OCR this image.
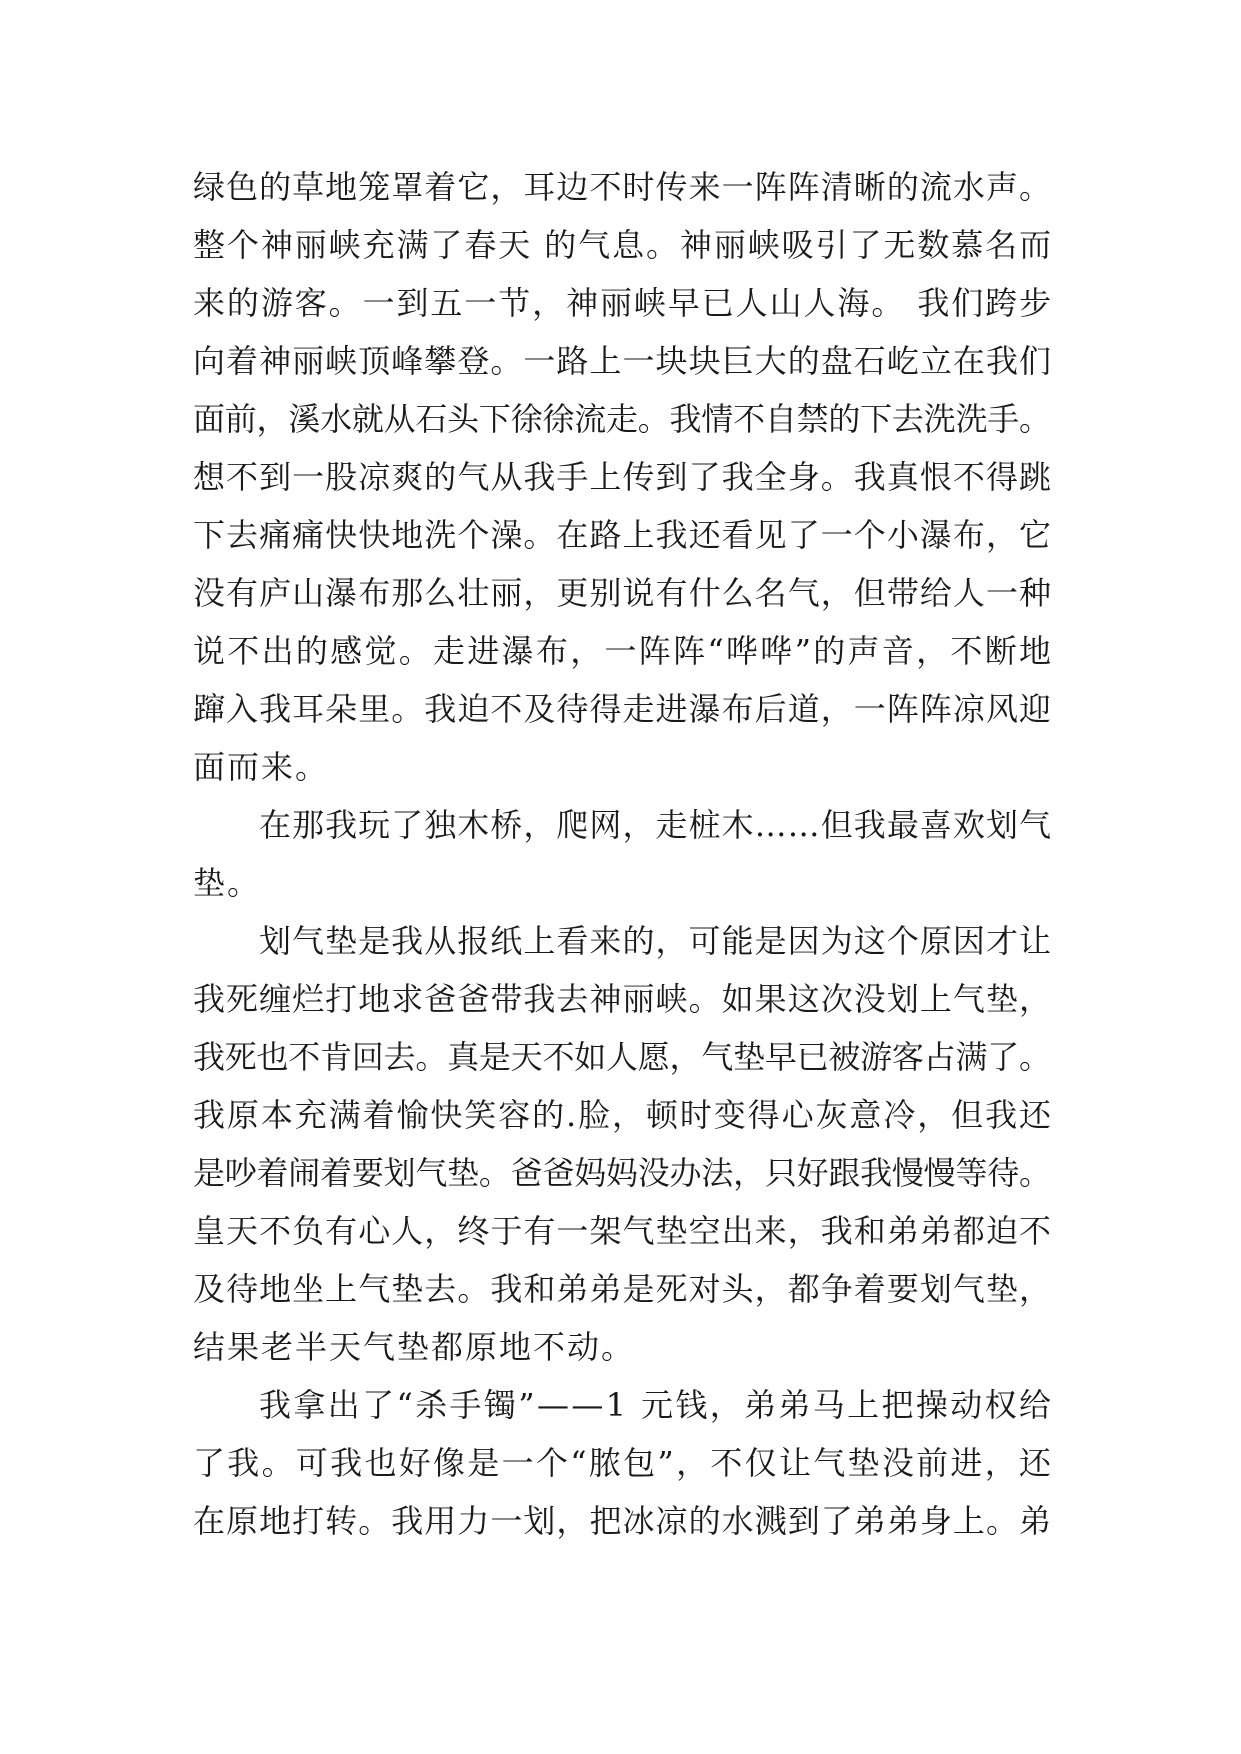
绿色的草地笼罩着它，耳边不时传来一阵阵清晰的流水声。
整个神丽峡充满了春天 的气息。神丽峡吸引了无数慕名而
来的游客。一到五一节，神丽峡早已人山人海。 我们跨步
向着神丽峡顶峰攀登。一路上一块块巨大的盘石屹立在我们
面前，溪水就从石头下徐徐流走。我情不自禁的下去洗洗手。
想不到一股凉爽的气从我手上传到了我全身。我真恨不得跳
下去痛痛快快地洗个澡。在路上我还看见了一个小瀑布，它
没有庐山瀑布那么壮丽，更别说有什么名气，但带给人一种
说不出的感觉。走进瀑布，一阵阵“哗哗”的声音，不断地
蹿入我耳朵里。我迫不及待得走进瀑布后道，一阵阵凉风迎
面而来。
在那我玩了独木桥，爬网，走桩木……但我最喜欢划气
垫。
划气垫是我从报纸上看来的，可能是因为这个原因才让
我死缠烂打地求爸爸带我去神丽峡。如果这次没划上气垫，
我死也不肯回去。真是天不如人愿，气垫早已被游客占满了。
我原本充满着愉快笑容的.脸，顿时变得心灰意冷，但我还
是吵着闹着要划气垫。爸爸妈妈没办法，只好跟我慢慢等待。
皇天不负有心人，终于有一架气垫空出来，我和弟弟都迫不
及待地坐上气垫去。我和弟弟是死对头，都争着要划气垫，
结果老半天气垫都原地不动。
我拿出了“杀手镯”——1 元钱，弟弟马上把操动权给
了我。可我也好像是一个“脓包”，不仅让气垫没前进，还
在原地打转。我用力一划，把冰凉的水溅到了弟弟身上。弟
